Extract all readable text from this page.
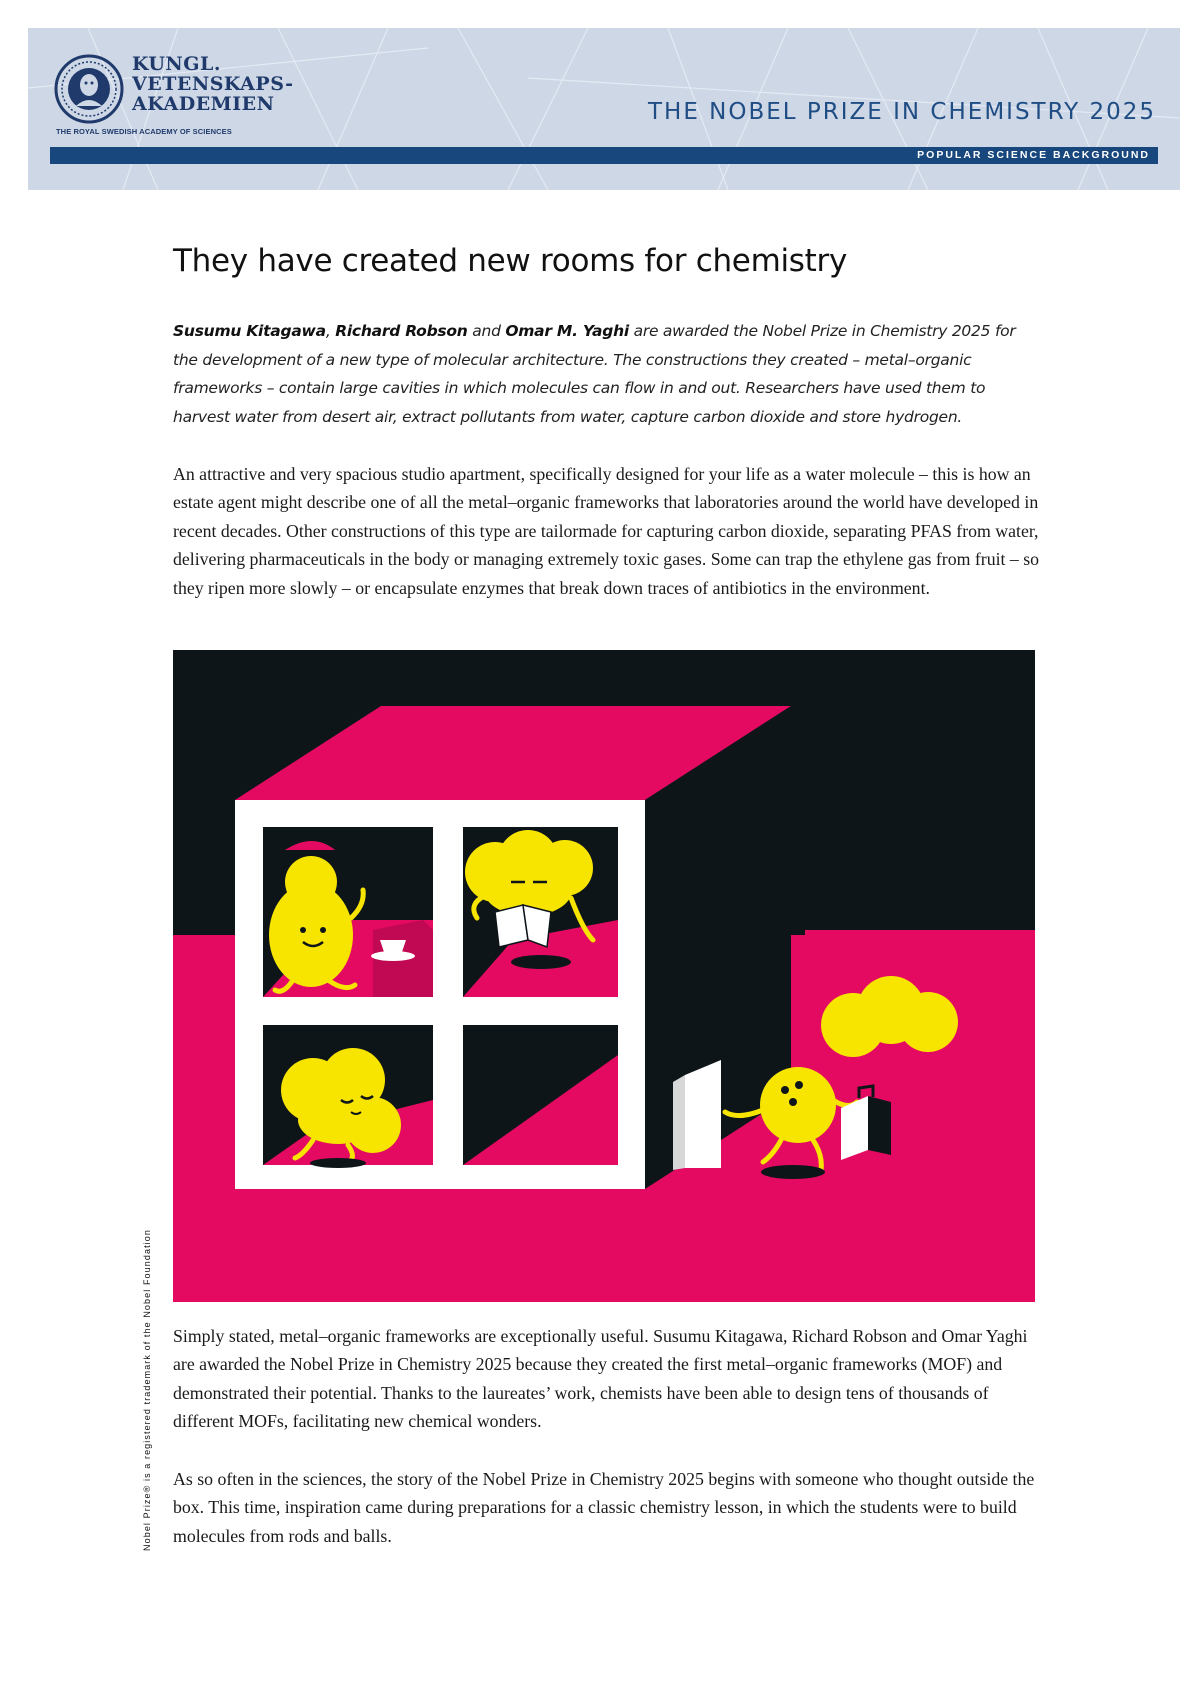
KUNGL.
VETENSKAPS-
AKADEMIEN
THE ROYAL SWEDISH ACADEMY OF SCIENCES
THE NOBEL PRIZE IN CHEMISTRY 2025
POPULAR SCIENCE BACKGROUND
They have created new rooms for chemistry

Susumu Kitagawa, Richard Robson and Omar M. Yaghi are awarded the Nobel Prize in Chemistry 2025 for the development of a new type of molecular architecture. The constructions they created – metal–organic frameworks – contain large cavities in which molecules can flow in and out. Researchers have used them to harvest water from desert air, extract pollutants from water, capture carbon dioxide and store hydrogen.

An attractive and very spacious studio apartment, specifically designed for your life as a water molecule – this is how an estate agent might describe one of all the metal–organic frameworks that laboratories around the world have developed in recent decades. Other constructions of this type are tailormade for capturing carbon dioxide, separating PFAS from water, delivering pharmaceuticals in the body or managing extremely toxic gases. Some can trap the ethylene gas from fruit – so they ripen more slowly – or encapsulate enzymes that break down traces of antibiotics in the environment.

Nobel Prize® is a registered trademark of the Nobel Foundation Simply stated, metal–organic frameworks are exceptionally useful. Susumu Kitagawa, Richard Robson and Omar Yaghi are awarded the Nobel Prize in Chemistry 2025 because they created the first metal–organic frameworks (MOF) and demonstrated their potential. Thanks to the laureates’ work, chemists have been able to design tens of thousands of different MOFs, facilitating new chemical wonders.

As so often in the sciences, the story of the Nobel Prize in Chemistry 2025 begins with someone who thought outside the box. This time, inspiration came during preparations for a classic chemistry lesson, in which the students were to build molecules from rods and balls.
